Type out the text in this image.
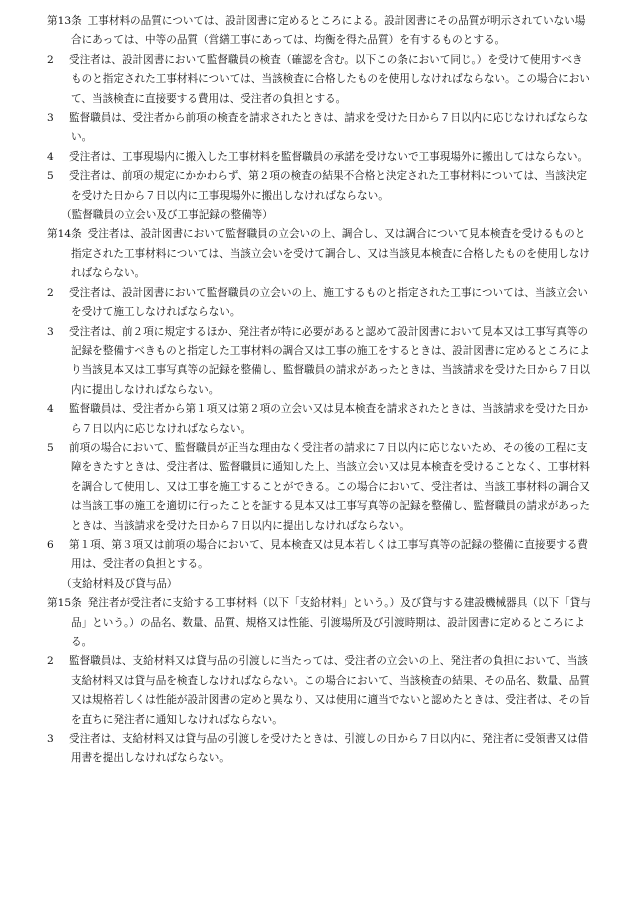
第13条 工事材料の品質については、設計図書に定めるところによる。設計図書にその品質が明示されていない場合にあっては、中等の品質（営繕工事にあっては、均衡を得た品質）を有するものとする。

2 受注者は、設計図書において監督職員の検査（確認を含む。以下この条において同じ。）を受けて使用すべきものと指定された工事材料については、当該検査に合格したものを使用しなければならない。この場合において、当該検査に直接要する費用は、受注者の負担とする。

3 監督職員は、受注者から前項の検査を請求されたときは、請求を受けた日から７日以内に応じなければならない。

4 受注者は、工事現場内に搬入した工事材料を監督職員の承諾を受けないで工事現場外に搬出してはならない。

5 受注者は、前項の規定にかかわらず、第２項の検査の結果不合格と決定された工事材料については、当該決定を受けた日から７日以内に工事現場外に搬出しなければならない。

（監督職員の立会い及び工事記録の整備等）

第14条 受注者は、設計図書において監督職員の立会いの上、調合し、又は調合について見本検査を受けるものと指定された工事材料については、当該立会いを受けて調合し、又は当該見本検査に合格したものを使用しなければならない。

2 受注者は、設計図書において監督職員の立会いの上、施工するものと指定された工事については、当該立会いを受けて施工しなければならない。

3 受注者は、前２項に規定するほか、発注者が特に必要があると認めて設計図書において見本又は工事写真等の記録を整備すべきものと指定した工事材料の調合又は工事の施工をするときは、設計図書に定めるところにより当該見本又は工事写真等の記録を整備し、監督職員の請求があったときは、当該請求を受けた日から７日以内に提出しなければならない。

4 監督職員は、受注者から第１項又は第２項の立会い又は見本検査を請求されたときは、当該請求を受けた日から７日以内に応じなければならない。

5 前項の場合において、監督職員が正当な理由なく受注者の請求に７日以内に応じないため、その後の工程に支障をきたすときは、受注者は、監督職員に通知した上、当該立会い又は見本検査を受けることなく、工事材料を調合して使用し、又は工事を施工することができる。この場合において、受注者は、当該工事材料の調合又は当該工事の施工を適切に行ったことを証する見本又は工事写真等の記録を整備し、監督職員の請求があったときは、当該請求を受けた日から７日以内に提出しなければならない。

6 第１項、第３項又は前項の場合において、見本検査又は見本若しくは工事写真等の記録の整備に直接要する費用は、受注者の負担とする。

（支給材料及び貸与品）

第15条 発注者が受注者に支給する工事材料（以下「支給材料」という。）及び貸与する建設機械器具（以下「貸与品」という。）の品名、数量、品質、規格又は性能、引渡場所及び引渡時期は、設計図書に定めるところによる。

2 監督職員は、支給材料又は貸与品の引渡しに当たっては、受注者の立会いの上、発注者の負担において、当該支給材料又は貸与品を検査しなければならない。この場合において、当該検査の結果、その品名、数量、品質又は規格若しくは性能が設計図書の定めと異なり、又は使用に適当でないと認めたときは、受注者は、その旨を直ちに発注者に通知しなければならない。

3 受注者は、支給材料又は貸与品の引渡しを受けたときは、引渡しの日から７日以内に、発注者に受領書又は借用書を提出しなければならない。
